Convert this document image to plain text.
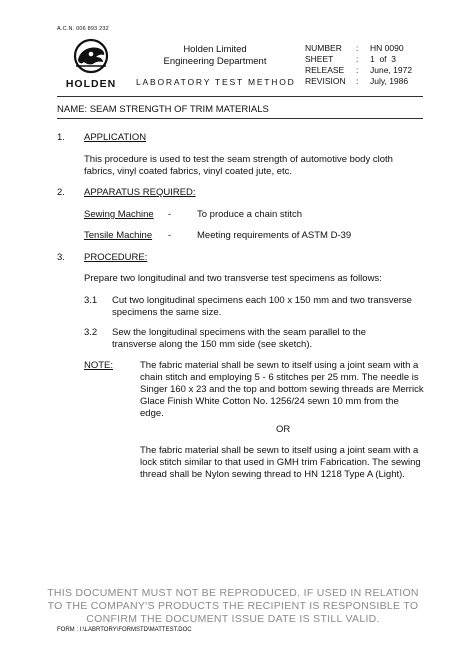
A.C.N. 006 893 232
HOLDEN
Holden Limited
Engineering Department
LABORATORY TEST METHOD
NUMBER	:	HN 0090
SHEET	:	1  of  3
RELEASE	:	June, 1972
REVISION	:	July, 1986
NAME: SEAM STRENGTH OF TRIM MATERIALS
1. APPLICATION
This procedure is used to test the seam strength of automotive body cloth fabrics, vinyl coated fabrics, vinyl coated jute, etc.
2. APPARATUS REQUIRED:
Sewing Machine -	To produce a chain stitch
Tensile Machine -	Meeting requirements of ASTM D-39
3. PROCEDURE:
Prepare two longitudinal and two transverse test specimens as follows:
3.1 Cut two longitudinal specimens each 100 x 150 mm and two transverse specimens the same size.
3.2 Sew the longitudinal specimens with the seam parallel to the transverse along the 150 mm side (see sketch).
NOTE:	The fabric material shall be sewn to itself using a joint seam with a chain stitch and employing 5 - 6 stitches per 25 mm. The needle is Singer 160 x 23 and the top and bottom sewing threads are Merrick Glace Finish White Cotton No. 1256/24 sewn 10 mm from the edge.
OR
The fabric material shall be sewn to itself using a joint seam with a lock stitch similar to that used in GMH trim Fabrication. The sewing thread shall be Nylon sewing thread to HN 1218 Type A (Light).
THIS DOCUMENT MUST NOT BE REPRODUCED. IF USED IN RELATION TO THE COMPANY'S PRODUCTS THE RECIPIENT IS RESPONSIBLE TO CONFIRM THE DOCUMENT ISSUE DATE IS STILL VALID.
FORM : I:\LABRTORY\FORMSTD\MATTEST.DOC
